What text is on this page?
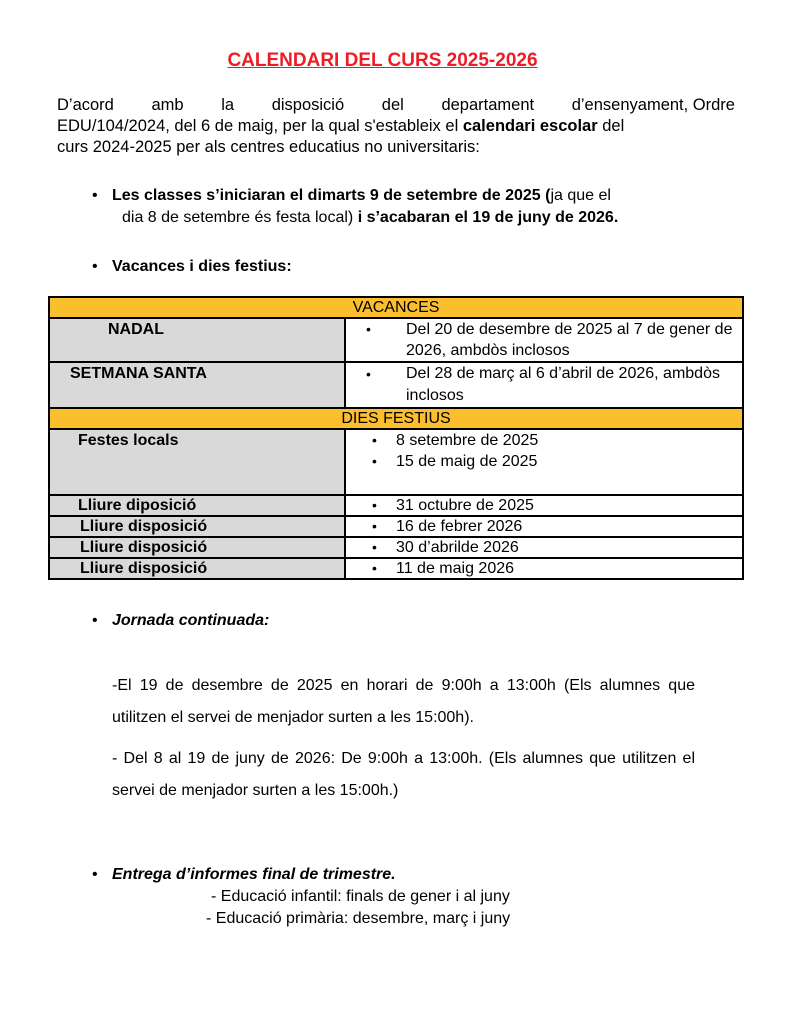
CALENDARI DEL CURS 2025-2026
D’acord amb la disposició del departament d’ensenyament, Ordre
EDU/104/2024, del 6 de maig, per la qual s'estableix el calendari escolar del
curs 2024-2025 per als centres educatius no universitaris:
• Les classes s’iniciaran el dimarts 9 de setembre de 2025 (ja que el
dia 8 de setembre és festa local) i s’acabaran el 19 de juny de 2026.
• Vacances i dies festius:
VACANCES	
NADAL	• Del 20 de desembre de 2025 al 7 de gener de 2026, ambdòs inclosos

SETMANA SANTA	• Del 28 de març al 6 d’abril de 2026, ambdòs inclosos

DIES FESTIUS	
Festes locals	• 8 setembre de 2025
• 15 de maig de 2025

Lliure diposició	• 31 octubre de 2025

Lliure disposició	• 16 de febrer 2026

Lliure disposició	• 30 d’abrilde 2026

Lliure disposició	• 11 de maig 2026
• Jornada continuada:
-El 19 de desembre de 2025 en horari de 9:00h a 13:00h (Els alumnes que utilitzen el servei de menjador surten a les 15:00h).
- Del 8 al 19 de juny de 2026: De 9:00h a 13:00h. (Els alumnes que utilitzen el servei de menjador surten a les 15:00h.)
• Entrega d’informes final de trimestre.
- Educació infantil: finals de gener i al juny
- Educació primària: desembre, març i juny
